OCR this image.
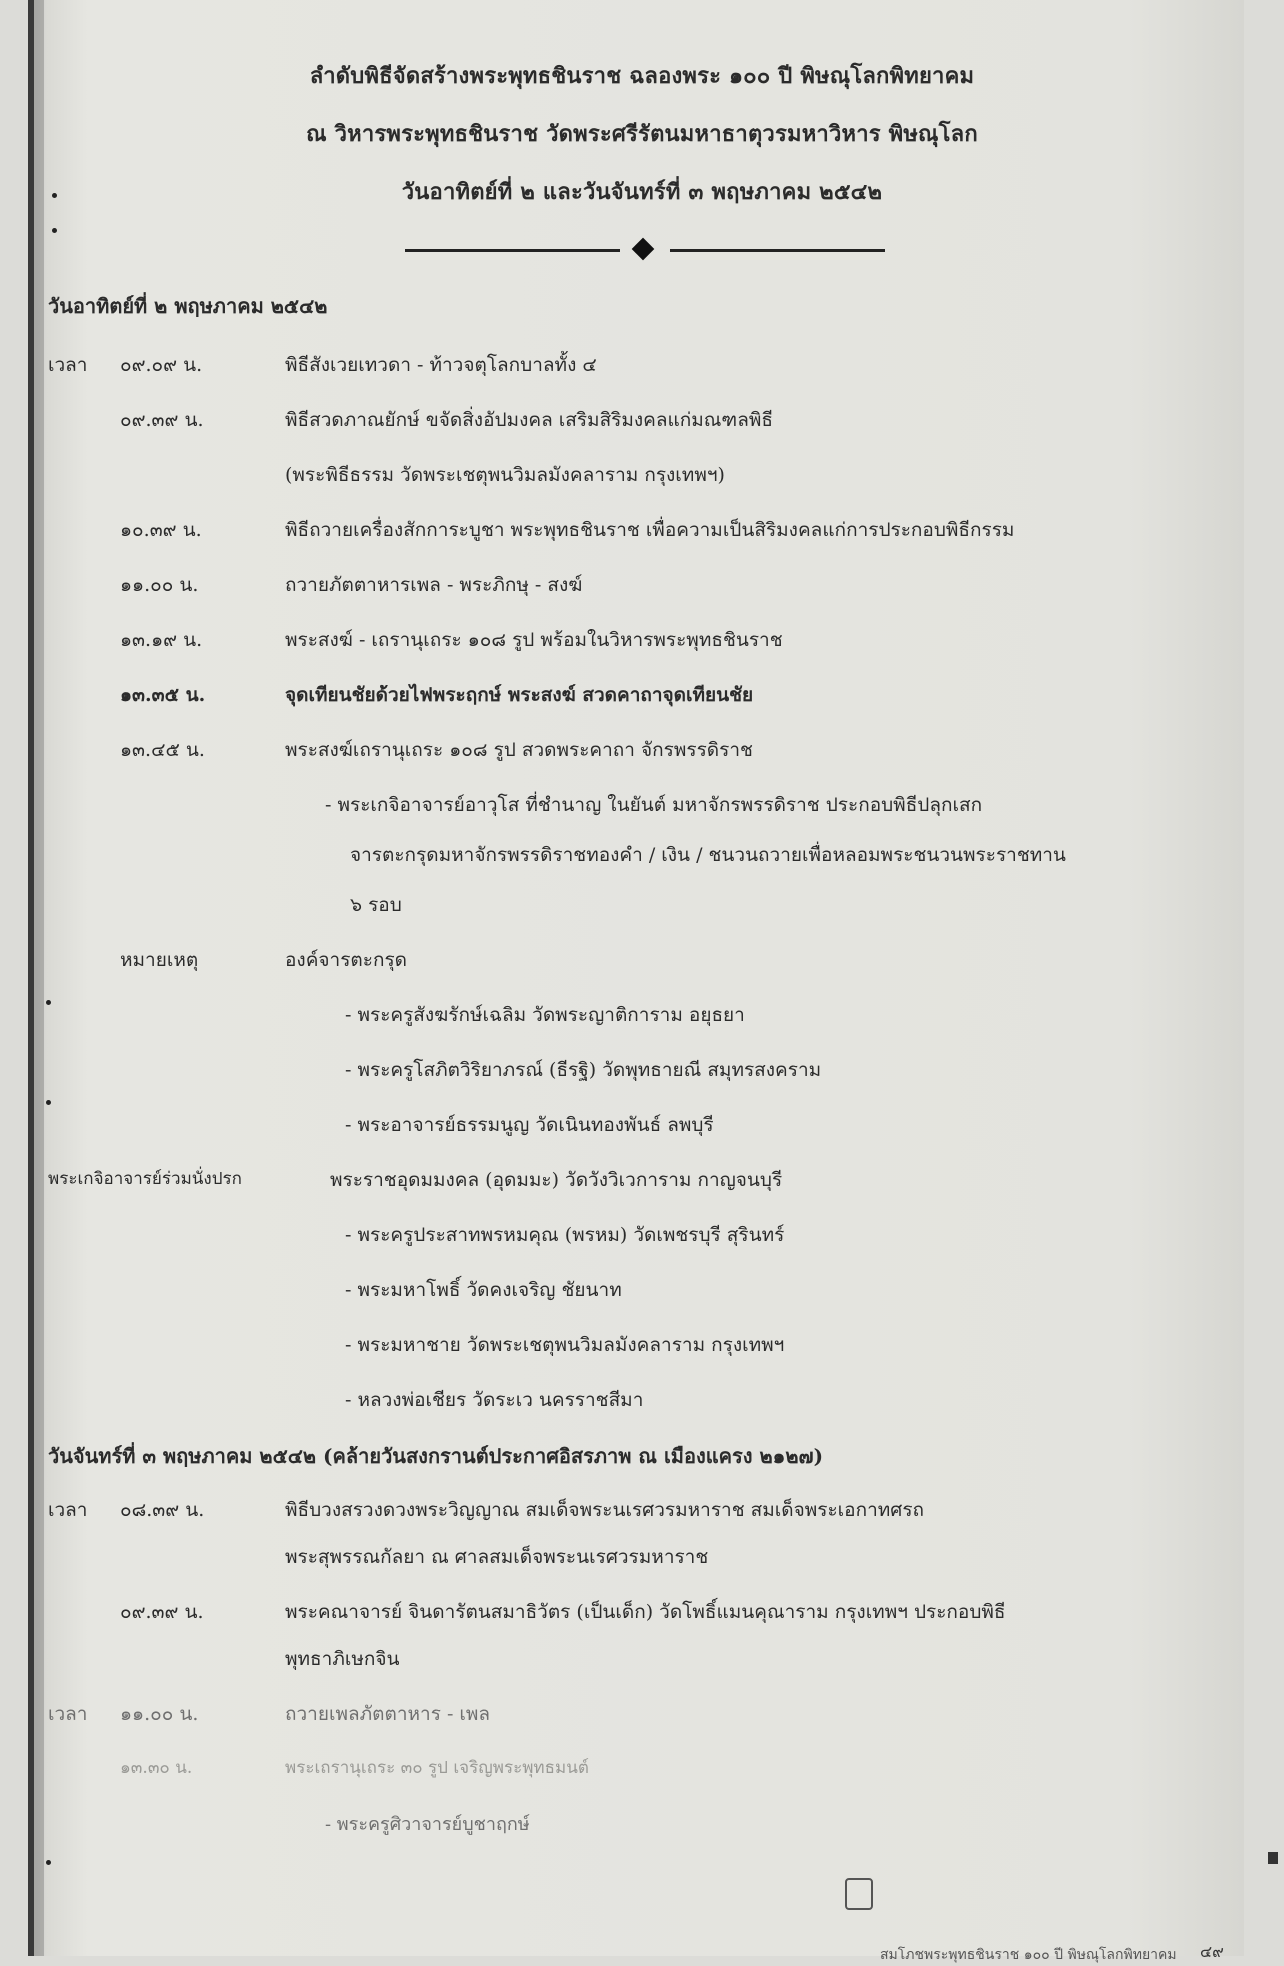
ลำดับพิธีจัดสร้างพระพุทธชินราช ฉลองพระ ๑๐๐ ปี พิษณุโลกพิทยาคม
ณ วิหารพระพุทธชินราช วัดพระศรีรัตนมหาธาตุวรมหาวิหาร พิษณุโลก
วันอาทิตย์ที่ ๒ และวันจันทร์ที่ ๓ พฤษภาคม ๒๕๔๒
วันอาทิตย์ที่ ๒ พฤษภาคม ๒๕๔๒
เวลา ๐๙.๐๙ น.	พิธีสังเวยเทวดา - ท้าวจตุโลกบาลทั้ง ๔
๐๙.๓๙ น.	พิธีสวดภาณยักษ์ ขจัดสิ่งอัปมงคล เสริมสิริมงคลแก่มณฑลพิธี
(พระพิธีธรรม วัดพระเชตุพนวิมลมังคลาราม กรุงเทพฯ)
๑๐.๓๙ น.	พิธีถวายเครื่องสักการะบูชา พระพุทธชินราช เพื่อความเป็นสิริมงคลแก่การประกอบพิธีกรรม
๑๑.๐๐ น.	ถวายภัตตาหารเพล - พระภิกษุ - สงฆ์
๑๓.๑๙ น.	พระสงฆ์ - เถรานุเถระ ๑๐๘ รูป พร้อมในวิหารพระพุทธชินราช
๑๓.๓๕ น.	จุดเทียนชัยด้วยไฟพระฤกษ์ พระสงฆ์ สวดคาถาจุดเทียนชัย
๑๓.๔๕ น.	พระสงฆ์เถรานุเถระ ๑๐๘ รูป สวดพระคาถา จักรพรรดิราช
- พระเกจิอาจารย์อาวุโส ที่ชำนาญ ในยันต์ มหาจักรพรรดิราช ประกอบพิธีปลุกเสก
จารตะกรุดมหาจักรพรรดิราชทองคำ / เงิน / ชนวนถวายเพื่อหลอมพระชนวนพระราชทาน
๖ รอบ
หมายเหตุ	องค์จารตะกรุด
- พระครูสังฆรักษ์เฉลิม วัดพระญาติการาม อยุธยา
- พระครูโสภิตวิริยาภรณ์ (ธีรฐิ) วัดพุทธายณี สมุทรสงคราม
- พระอาจารย์ธรรมนูญ วัดเนินทองพันธ์ ลพบุรี
พระเกจิอาจารย์ร่วมนั่งปรก	พระราชอุดมมงคล (อุดมมะ) วัดวังวิเวการาม กาญจนบุรี
- พระครูประสาทพรหมคุณ (พรหม) วัดเพชรบุรี สุรินทร์
- พระมหาโพธิ์ วัดคงเจริญ ชัยนาท
- พระมหาชาย วัดพระเชตุพนวิมลมังคลาราม กรุงเทพฯ
- หลวงพ่อเชียร วัดระเว นครราชสีมา
วันจันทร์ที่ ๓ พฤษภาคม ๒๕๔๒ (คล้ายวันสงกรานต์ประกาศอิสรภาพ ณ เมืองแครง ๒๑๒๗)
เวลา ๐๘.๓๙ น.	พิธีบวงสรวงดวงพระวิญญาณ สมเด็จพระนเรศวรมหาราช สมเด็จพระเอกาทศรถ
พระสุพรรณกัลยา ณ ศาลสมเด็จพระนเรศวรมหาราช
๐๙.๓๙ น.	พระคณาจารย์ จินดารัตนสมาธิวัตร (เป็นเด็ก) วัดโพธิ์แมนคุณาราม กรุงเทพฯ ประกอบพิธี
พุทธาภิเษกจิน
เวลา ๑๑.๐๐ น.	ถวายเพลภัตตาหาร - เพล
๑๓.๓๐ น.	พระเถรานุเถระ ๓๐ รูป เจริญพระพุทธมนต์
- พระครูศิวาจารย์บูชาฤกษ์
สมโภชพระพุทธชินราช ๑๐๐ ปี พิษณุโลกพิทยาคม ๔๙
